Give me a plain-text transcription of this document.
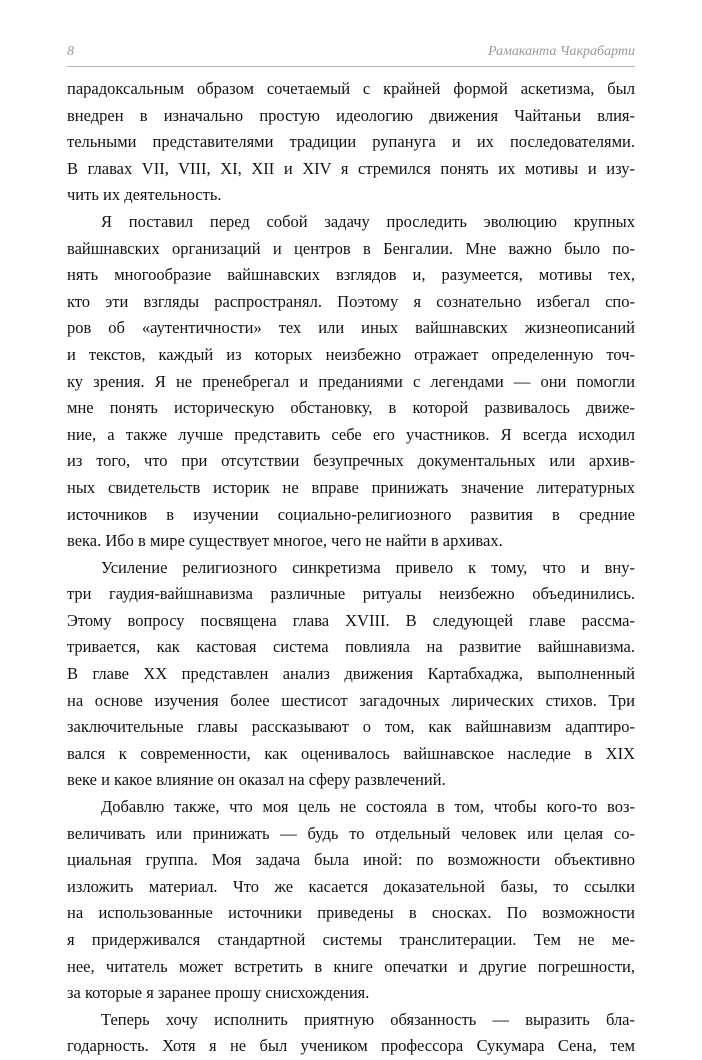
8	Рамаканта Чакрабарти
парадоксальным образом сочетаемый с крайней формой аскетизма, был
внедрен в изначально простую идеологию движения Чайтаньи влия-
тельными представителями традиции рупанугa и их последователями.
В главах VII, VIII, XI, XII и XIV я стремился понять их мотивы и изу-
чить их деятельность.
Я поставил перед собой задачу проследить эволюцию крупных
вайшнавских организаций и центров в Бенгалии. Мне важно было по-
нять многообразие вайшнавских взглядов и, разумеется, мотивы тех,
кто эти взгляды распространял. Поэтому я сознательно избегал спо-
ров об «аутентичности» тех или иных вайшнавских жизнеописаний
и текстов, каждый из которых неизбежно отражает определенную точ-
ку зрения. Я не пренебрегал и преданиями с легендами — они помогли
мне понять историческую обстановку, в которой развивалось движе-
ние, а также лучше представить себе его участников. Я всегда исходил
из того, что при отсутствии безупречных документальных или архив-
ных свидетельств историк не вправе принижать значение литературных
источников в изучении социально-религиозного развития в средние
века. Ибо в мире существует многое, чего не найти в архивах.
Усиление религиозного синкретизма привело к тому, что и вну-
три гаудия-вайшнавизма различные ритуалы неизбежно объединились.
Этому вопросу посвящена глава XVIII. В следующей главе рассма-
тривается, как кастовая система повлияла на развитие вайшнавизма.
В главе XX представлен анализ движения Картабхаджа, выполненный
на основе изучения более шестисот загадочных лирических стихов. Три
заключительные главы рассказывают о том, как вайшнавизм адаптиро-
вался к современности, как оценивалось вайшнавское наследие в XIX
веке и какое влияние он оказал на сферу развлечений.
Добавлю также, что моя цель не состояла в том, чтобы кого-то воз-
величивать или принижать — будь то отдельный человек или целая со-
циальная группа. Моя задача была иной: по возможности объективно
изложить материал. Что же касается доказательной базы, то ссылки
на использованные источники приведены в сносках. По возможности
я придерживался стандартной системы транслитерации. Тем не ме-
нее, читатель может встретить в книге опечатки и другие погрешности,
за которые я заранее прошу снисхождения.
Теперь хочу исполнить приятную обязанность — выразить бла-
годарность. Хотя я не был учеником профессора Сукумара Сена, тем
